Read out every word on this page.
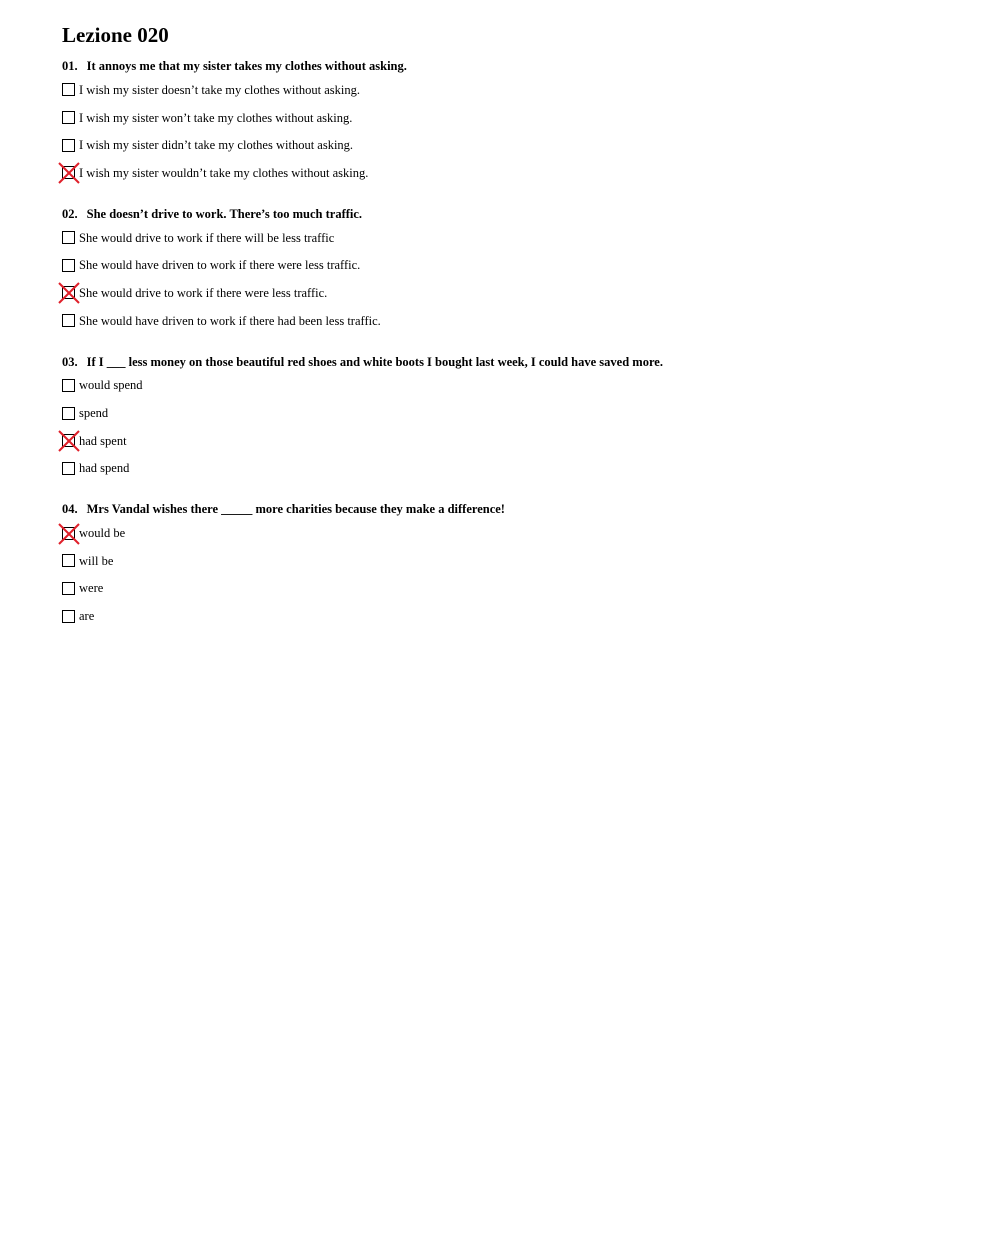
Lezione 020
01. It annoys me that my sister takes my clothes without asking.
I wish my sister doesn’t take my clothes without asking.
I wish my sister won’t take my clothes without asking.
I wish my sister didn’t take my clothes without asking.
I wish my sister wouldn’t take my clothes without asking.
02. She doesn’t drive to work. There’s too much traffic.
She would drive to work if there will be less traffic
She would have driven to work if there were less traffic.
She would drive to work if there were less traffic.
She would have driven to work if there had been less traffic.
03. If I ___ less money on those beautiful red shoes and white boots I bought last week, I could have saved more.
would spend
spend
had spent
had spend
04. Mrs Vandal wishes there _____ more charities because they make a difference!
would be
will be
were
are
